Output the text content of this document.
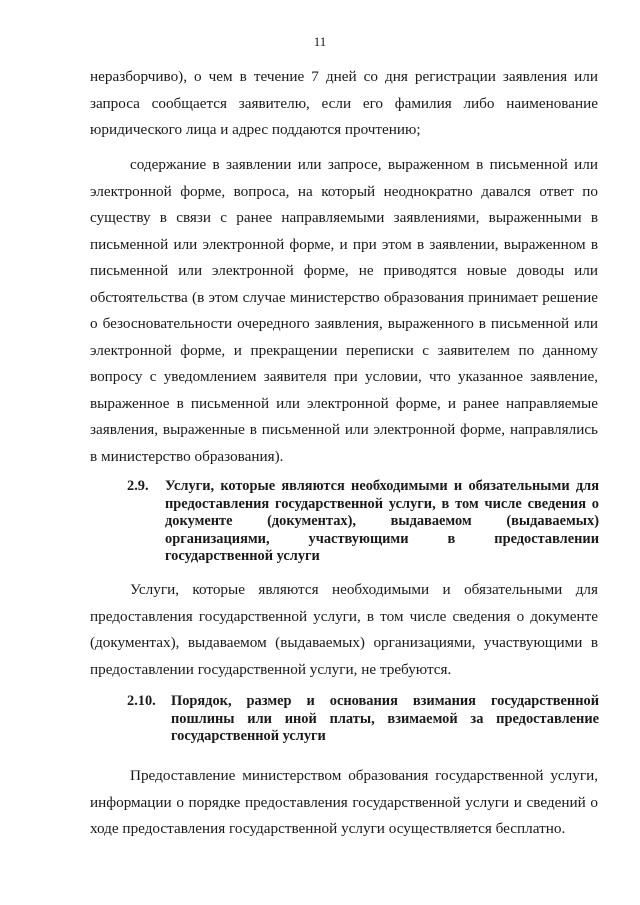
11

неразборчиво), о чем в течение 7 дней со дня регистрации заявления или запроса сообщается заявителю, если его фамилия либо наименование юридического лица и адрес поддаются прочтению;

содержание в заявлении или запросе, выраженном в письменной или электронной форме, вопроса, на который неоднократно давался ответ по существу в связи с ранее направляемыми заявлениями, выраженными в письменной или электронной форме, и при этом в заявлении, выраженном в письменной или электронной форме, не приводятся новые доводы или обстоятельства (в этом случае министерство образования принимает решение о безосновательности очередного заявления, выраженного в письменной или электронной форме, и прекращении переписки с заявителем по данному вопросу с уведомлением заявителя при условии, что указанное заявление, выраженное в письменной или электронной форме, и ранее направляемые заявления, выраженные в письменной или электронной форме, направлялись в министерство образования).

2.9. Услуги, которые являются необходимыми и обязательными для предоставления государственной услуги, в том числе сведения о документе (документах), выдаваемом (выдаваемых) организациями, участвующими в предоставлении государственной услуги

Услуги, которые являются необходимыми и обязательными для предоставления государственной услуги, в том числе сведения о документе (документах), выдаваемом (выдаваемых) организациями, участвующими в предоставлении государственной услуги, не требуются.

2.10. Порядок, размер и основания взимания государственной пошлины или иной платы, взимаемой за предоставление государственной услуги

Предоставление министерством образования государственной услуги, информации о порядке предоставления государственной услуги и сведений о ходе предоставления государственной услуги осуществляется бесплатно.
